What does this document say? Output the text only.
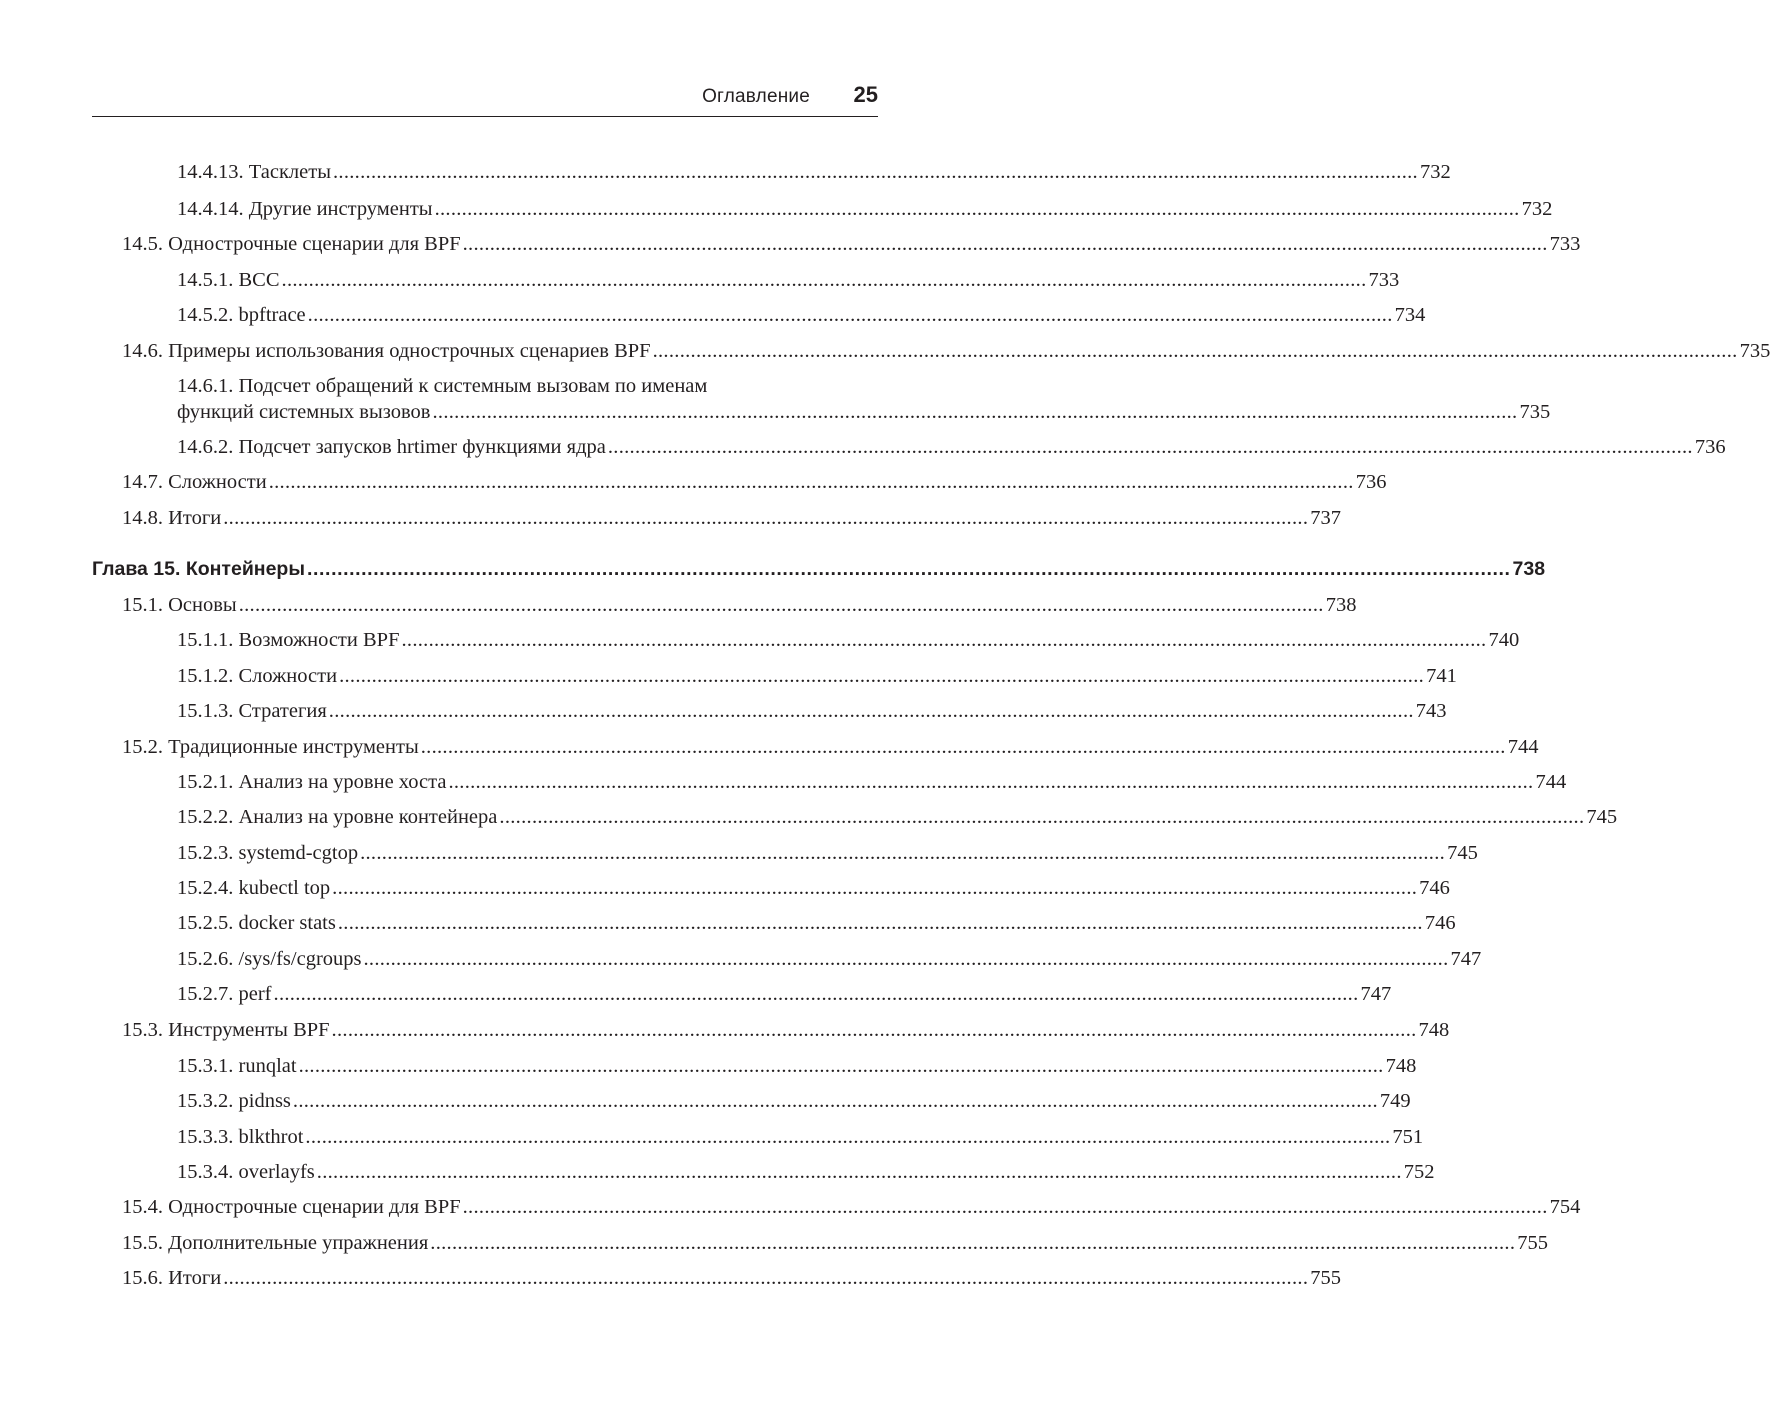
Оглавление 25
14.4.13. Тасклеты .....	732
14.4.14. Другие инструменты .....	732
14.5. Однострочные сценарии для BPF .....	733
14.5.1. BCC .....	733
14.5.2. bpftrace .....	734
14.6. Примеры использования однострочных сценариев BPF .....	735
14.6.1. Подсчет обращений к системным вызовам по именам
функций системных вызовов .....	735
14.6.2. Подсчет запусков hrtimer функциями ядра .....	736
14.7. Сложности .....	736
14.8. Итоги .....	737
Глава 15. Контейнеры .....	738
15.1. Основы .....	738
15.1.1. Возможности BPF .....	740
15.1.2. Сложности .....	741
15.1.3. Стратегия .....	743
15.2. Традиционные инструменты .....	744
15.2.1. Анализ на уровне хоста .....	744
15.2.2. Анализ на уровне контейнера .....	745
15.2.3. systemd-cgtop .....	745
15.2.4. kubectl top .....	746
15.2.5. docker stats .....	746
15.2.6. /sys/fs/cgroups .....	747
15.2.7. perf .....	747
15.3. Инструменты BPF .....	748
15.3.1. runqlat .....	748
15.3.2. pidnss .....	749
15.3.3. blkthrot .....	751
15.3.4. overlayfs .....	752
15.4. Однострочные сценарии для BPF .....	754
15.5. Дополнительные упражнения .....	755
15.6. Итоги .....	755
